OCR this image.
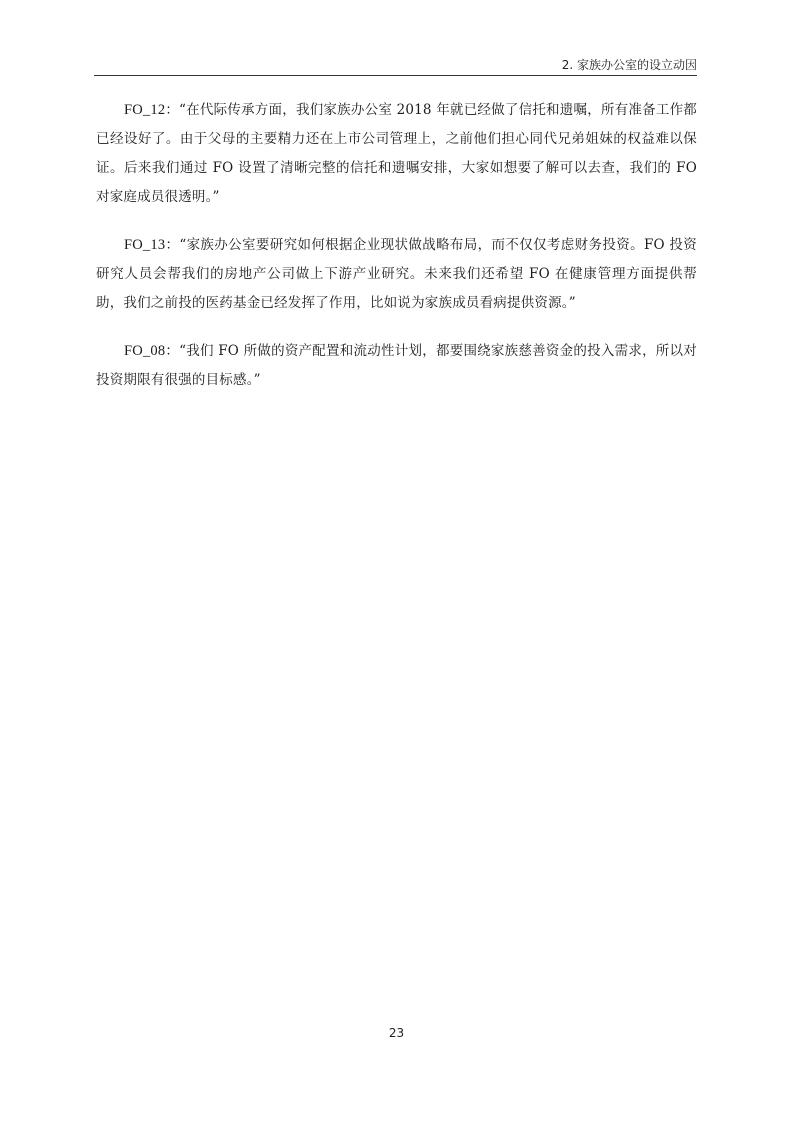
2. 家族办公室的设立动因

FO_12：“在代际传承方面，我们家族办公室 2018 年就已经做了信托和遗嘱，所有准备工作都已经设好了。由于父母的主要精力还在上市公司管理上，之前他们担心同代兄弟姐妹的权益难以保证。后来我们通过 FO 设置了清晰完整的信托和遗嘱安排，大家如想要了解可以去查，我们的 FO 对家庭成员很透明。”

FO_13：“家族办公室要研究如何根据企业现状做战略布局，而不仅仅考虑财务投资。FO 投资研究人员会帮我们的房地产公司做上下游产业研究。未来我们还希望 FO 在健康管理方面提供帮助，我们之前投的医药基金已经发挥了作用，比如说为家族成员看病提供资源。”

FO_08：“我们 FO 所做的资产配置和流动性计划，都要围绕家族慈善资金的投入需求，所以对投资期限有很强的目标感。”

23
